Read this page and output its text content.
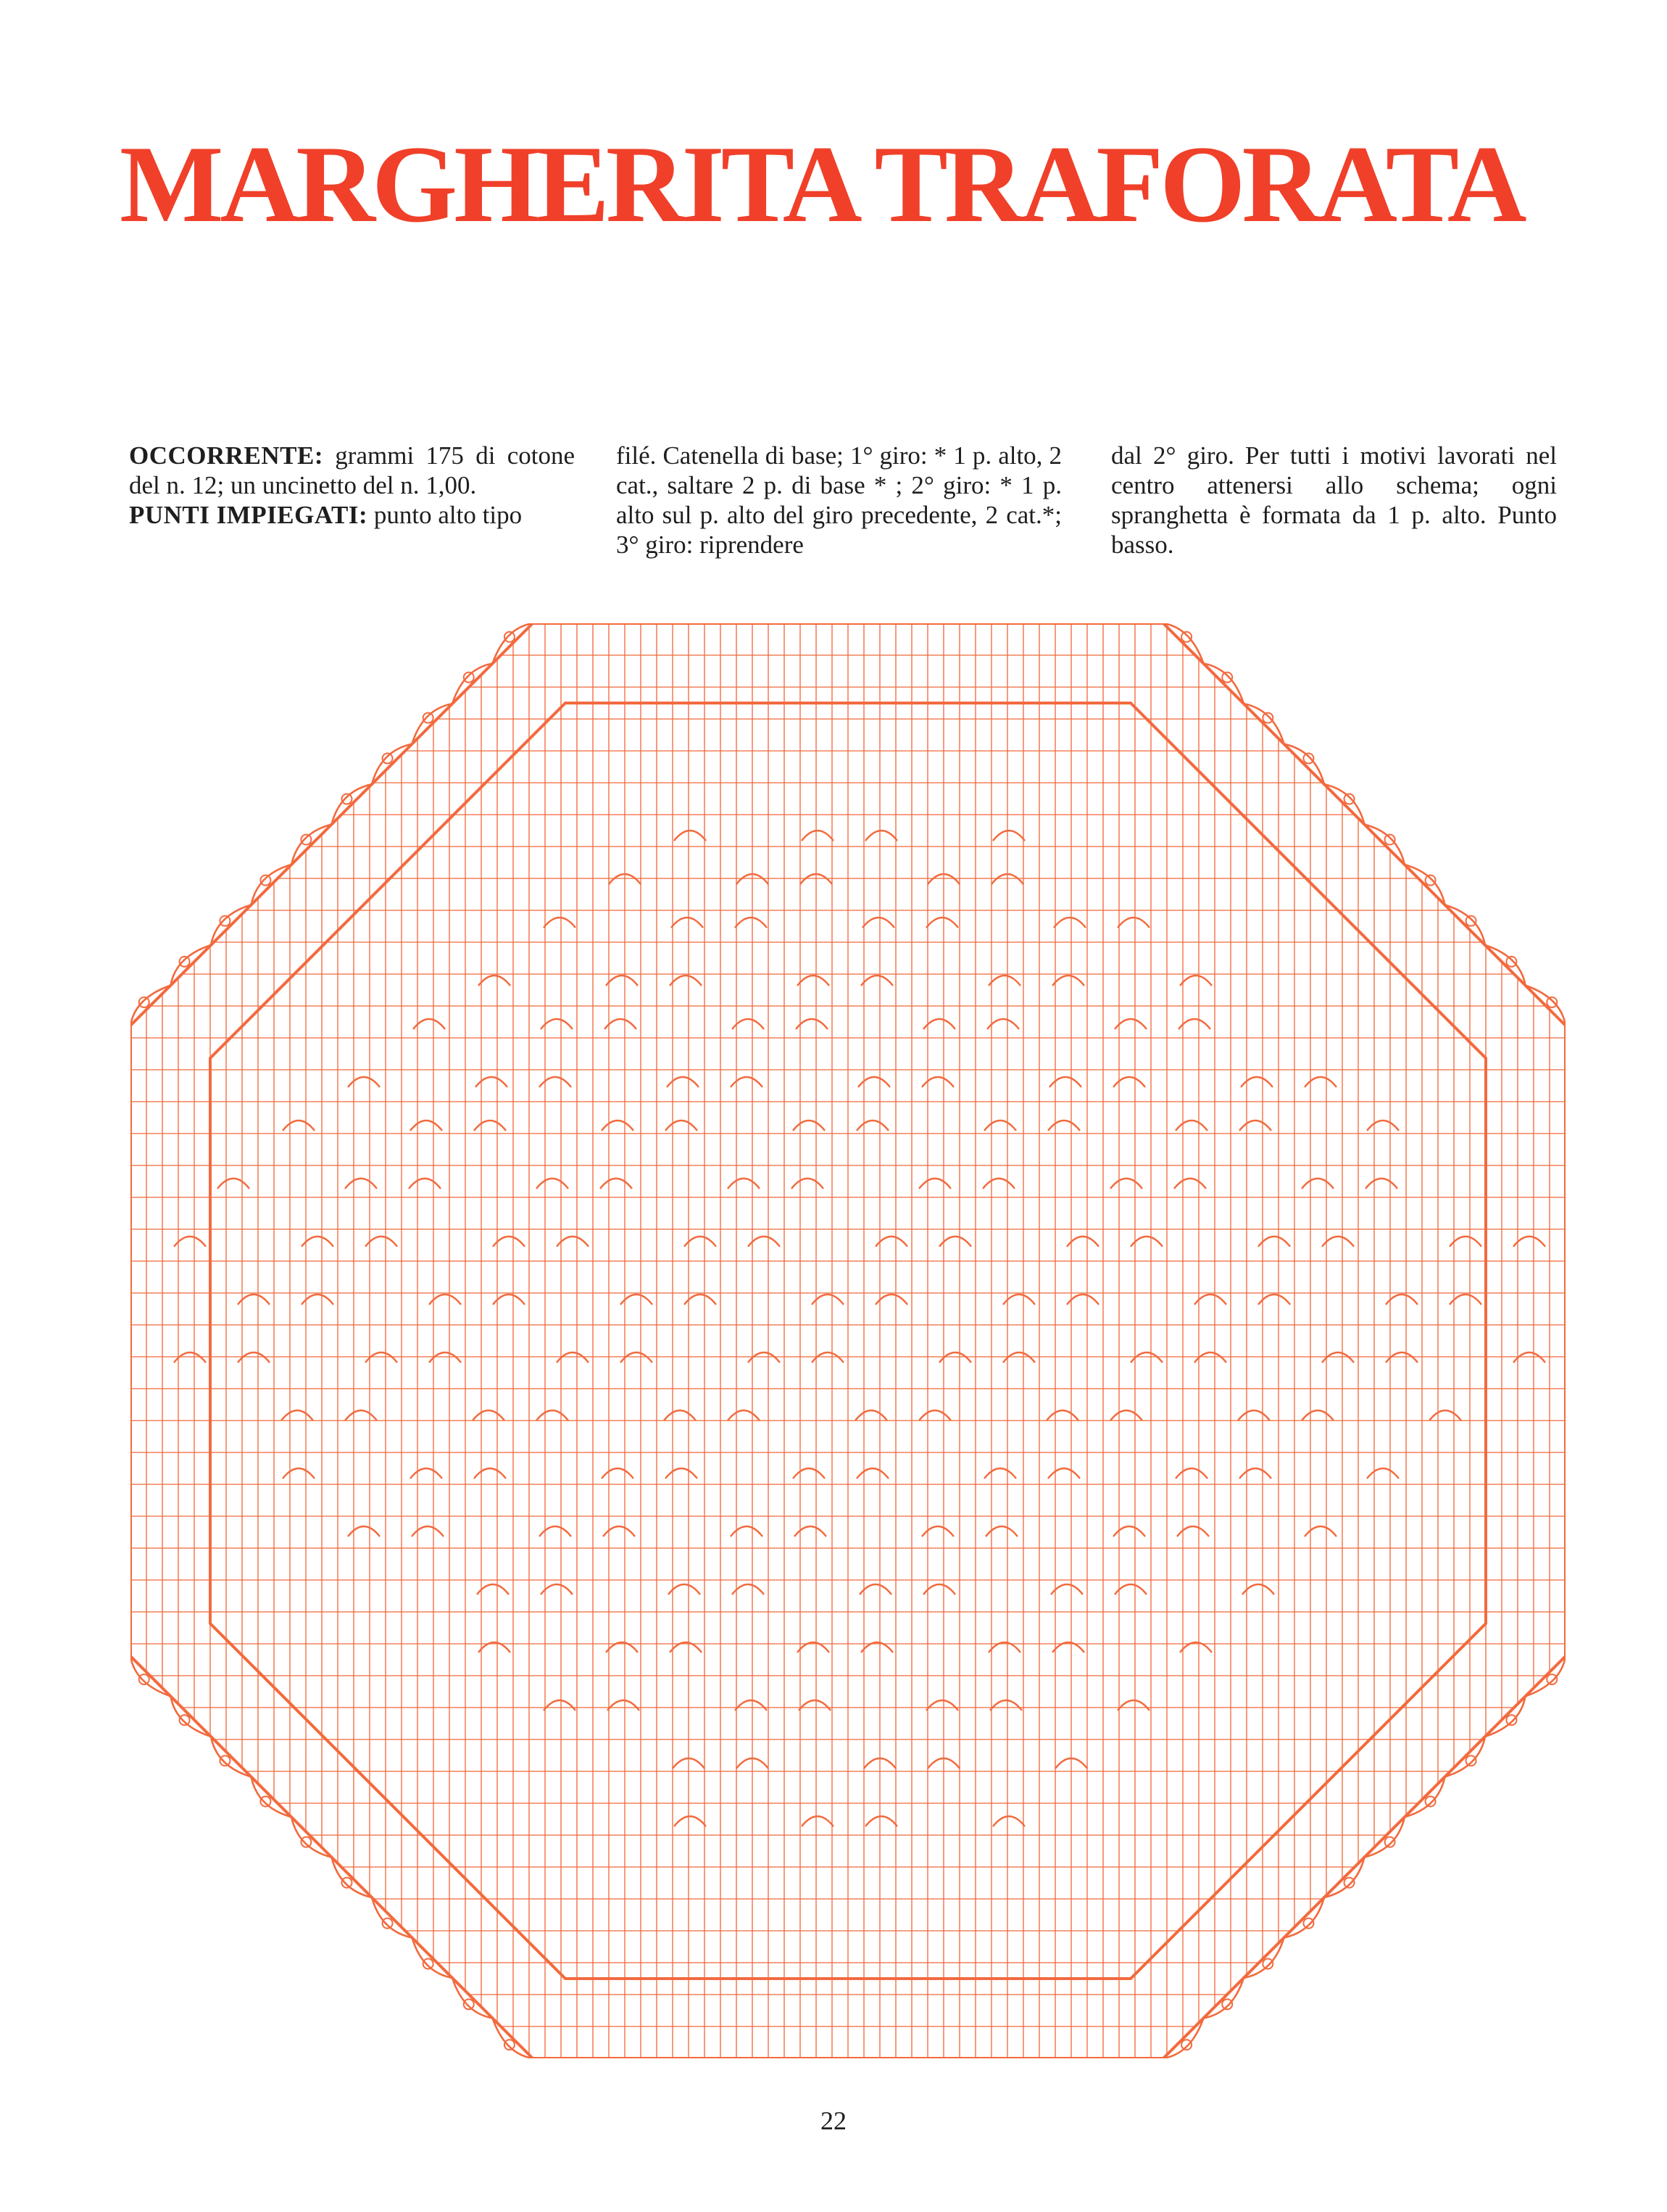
MARGHERITA TRAFORATA

OCCORRENTE: grammi 175 di cotone del n. 12; un uncinetto del n. 1,00.

PUNTI IMPIEGATI: punto alto tipo

filé. Catenella di base; 1° giro: * 1 p. alto, 2 cat., saltare 2 p. di base * ; 2° giro: * 1 p. alto sul p. alto del giro precedente, 2 cat.*; 3° giro: riprendere

dal 2° giro. Per tutti i motivi lavorati nel centro attenersi allo schema; ogni spranghetta è formata da 1 p. alto. Punto basso.

22
